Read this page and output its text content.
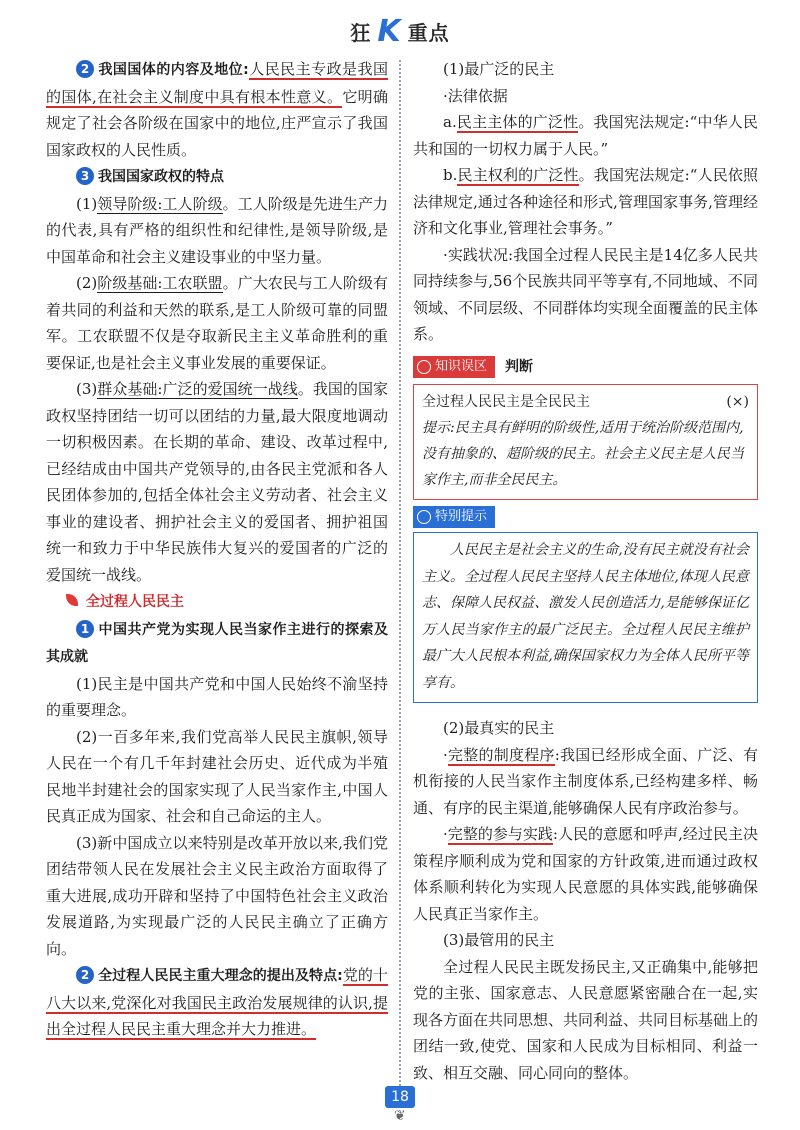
狂 K 重点

2 我国国体的内容及地位:人民民主专政是我国的国体,在社会主义制度中具有根本性意义。它明确规定了社会各阶级在国家中的地位,庄严宣示了我国国家政权的人民性质。

3 我国国家政权的特点

(1)领导阶级:工人阶级。工人阶级是先进生产力的代表,具有严格的组织性和纪律性,是领导阶级,是中国革命和社会主义建设事业的中坚力量。

(2)阶级基础:工农联盟。广大农民与工人阶级有着共同的利益和天然的联系,是工人阶级可靠的同盟军。工农联盟不仅是夺取新民主主义革命胜利的重要保证,也是社会主义事业发展的重要保证。

(3)群众基础:广泛的爱国统一战线。我国的国家政权坚持团结一切可以团结的力量,最大限度地调动一切积极因素。在长期的革命、建设、改革过程中,已经结成由中国共产党领导的,由各民主党派和各人民团体参加的,包括全体社会主义劳动者、社会主义事业的建设者、拥护社会主义的爱国者、拥护祖国统一和致力于中华民族伟大复兴的爱国者的广泛的爱国统一战线。

全过程人民民主

1 中国共产党为实现人民当家作主进行的探索及其成就

(1)民主是中国共产党和中国人民始终不渝坚持的重要理念。

(2)一百多年来,我们党高举人民民主旗帜,领导人民在一个有几千年封建社会历史、近代成为半殖民地半封建社会的国家实现了人民当家作主,中国人民真正成为国家、社会和自己命运的主人。

(3)新中国成立以来特别是改革开放以来,我们党团结带领人民在发展社会主义民主政治方面取得了重大进展,成功开辟和坚持了中国特色社会主义政治发展道路,为实现最广泛的人民民主确立了正确方向。

2 全过程人民民主重大理念的提出及特点:党的十八大以来,党深化对我国民主政治发展规律的认识,提出全过程人民民主重大理念并大力推进。

(1)最广泛的民主

·法律依据

a.民主主体的广泛性。我国宪法规定:“中华人民共和国的一切权力属于人民。”

b.民主权利的广泛性。我国宪法规定:“人民依照法律规定,通过各种途径和形式,管理国家事务,管理经济和文化事业,管理社会事务。”

·实践状况:我国全过程人民民主是14亿多人民共同持续参与,56个民族共同平等享有,不同地域、不同领域、不同层级、不同群体均实现全面覆盖的民主体系。

知识误区 判断
全过程人民民主是全民民主	(×)
提示:民主具有鲜明的阶级性,适用于统治阶级范围内,没有抽象的、超阶级的民主。社会主义民主是人民当家作主,而非全民民主。
特别提示

人民民主是社会主义的生命,没有民主就没有社会主义。全过程人民民主坚持人民主体地位,体现人民意志、保障人民权益、激发人民创造活力,是能够保证亿万人民当家作主的最广泛民主。全过程人民民主维护最广大人民根本利益,确保国家权力为全体人民所平等享有。

(2)最真实的民主

·完整的制度程序:我国已经形成全面、广泛、有机衔接的人民当家作主制度体系,已经构建多样、畅通、有序的民主渠道,能够确保人民有序政治参与。

·完整的参与实践:人民的意愿和呼声,经过民主决策程序顺利成为党和国家的方针政策,进而通过政权体系顺利转化为实现人民意愿的具体实践,能够确保人民真正当家作主。

(3)最管用的民主

全过程人民民主既发扬民主,又正确集中,能够把党的主张、国家意志、人民意愿紧密融合在一起,实现各方面在共同思想、共同利益、共同目标基础上的团结一致,使党、国家和人民成为目标相同、利益一致、相互交融、同心同向的整体。

18
❦
